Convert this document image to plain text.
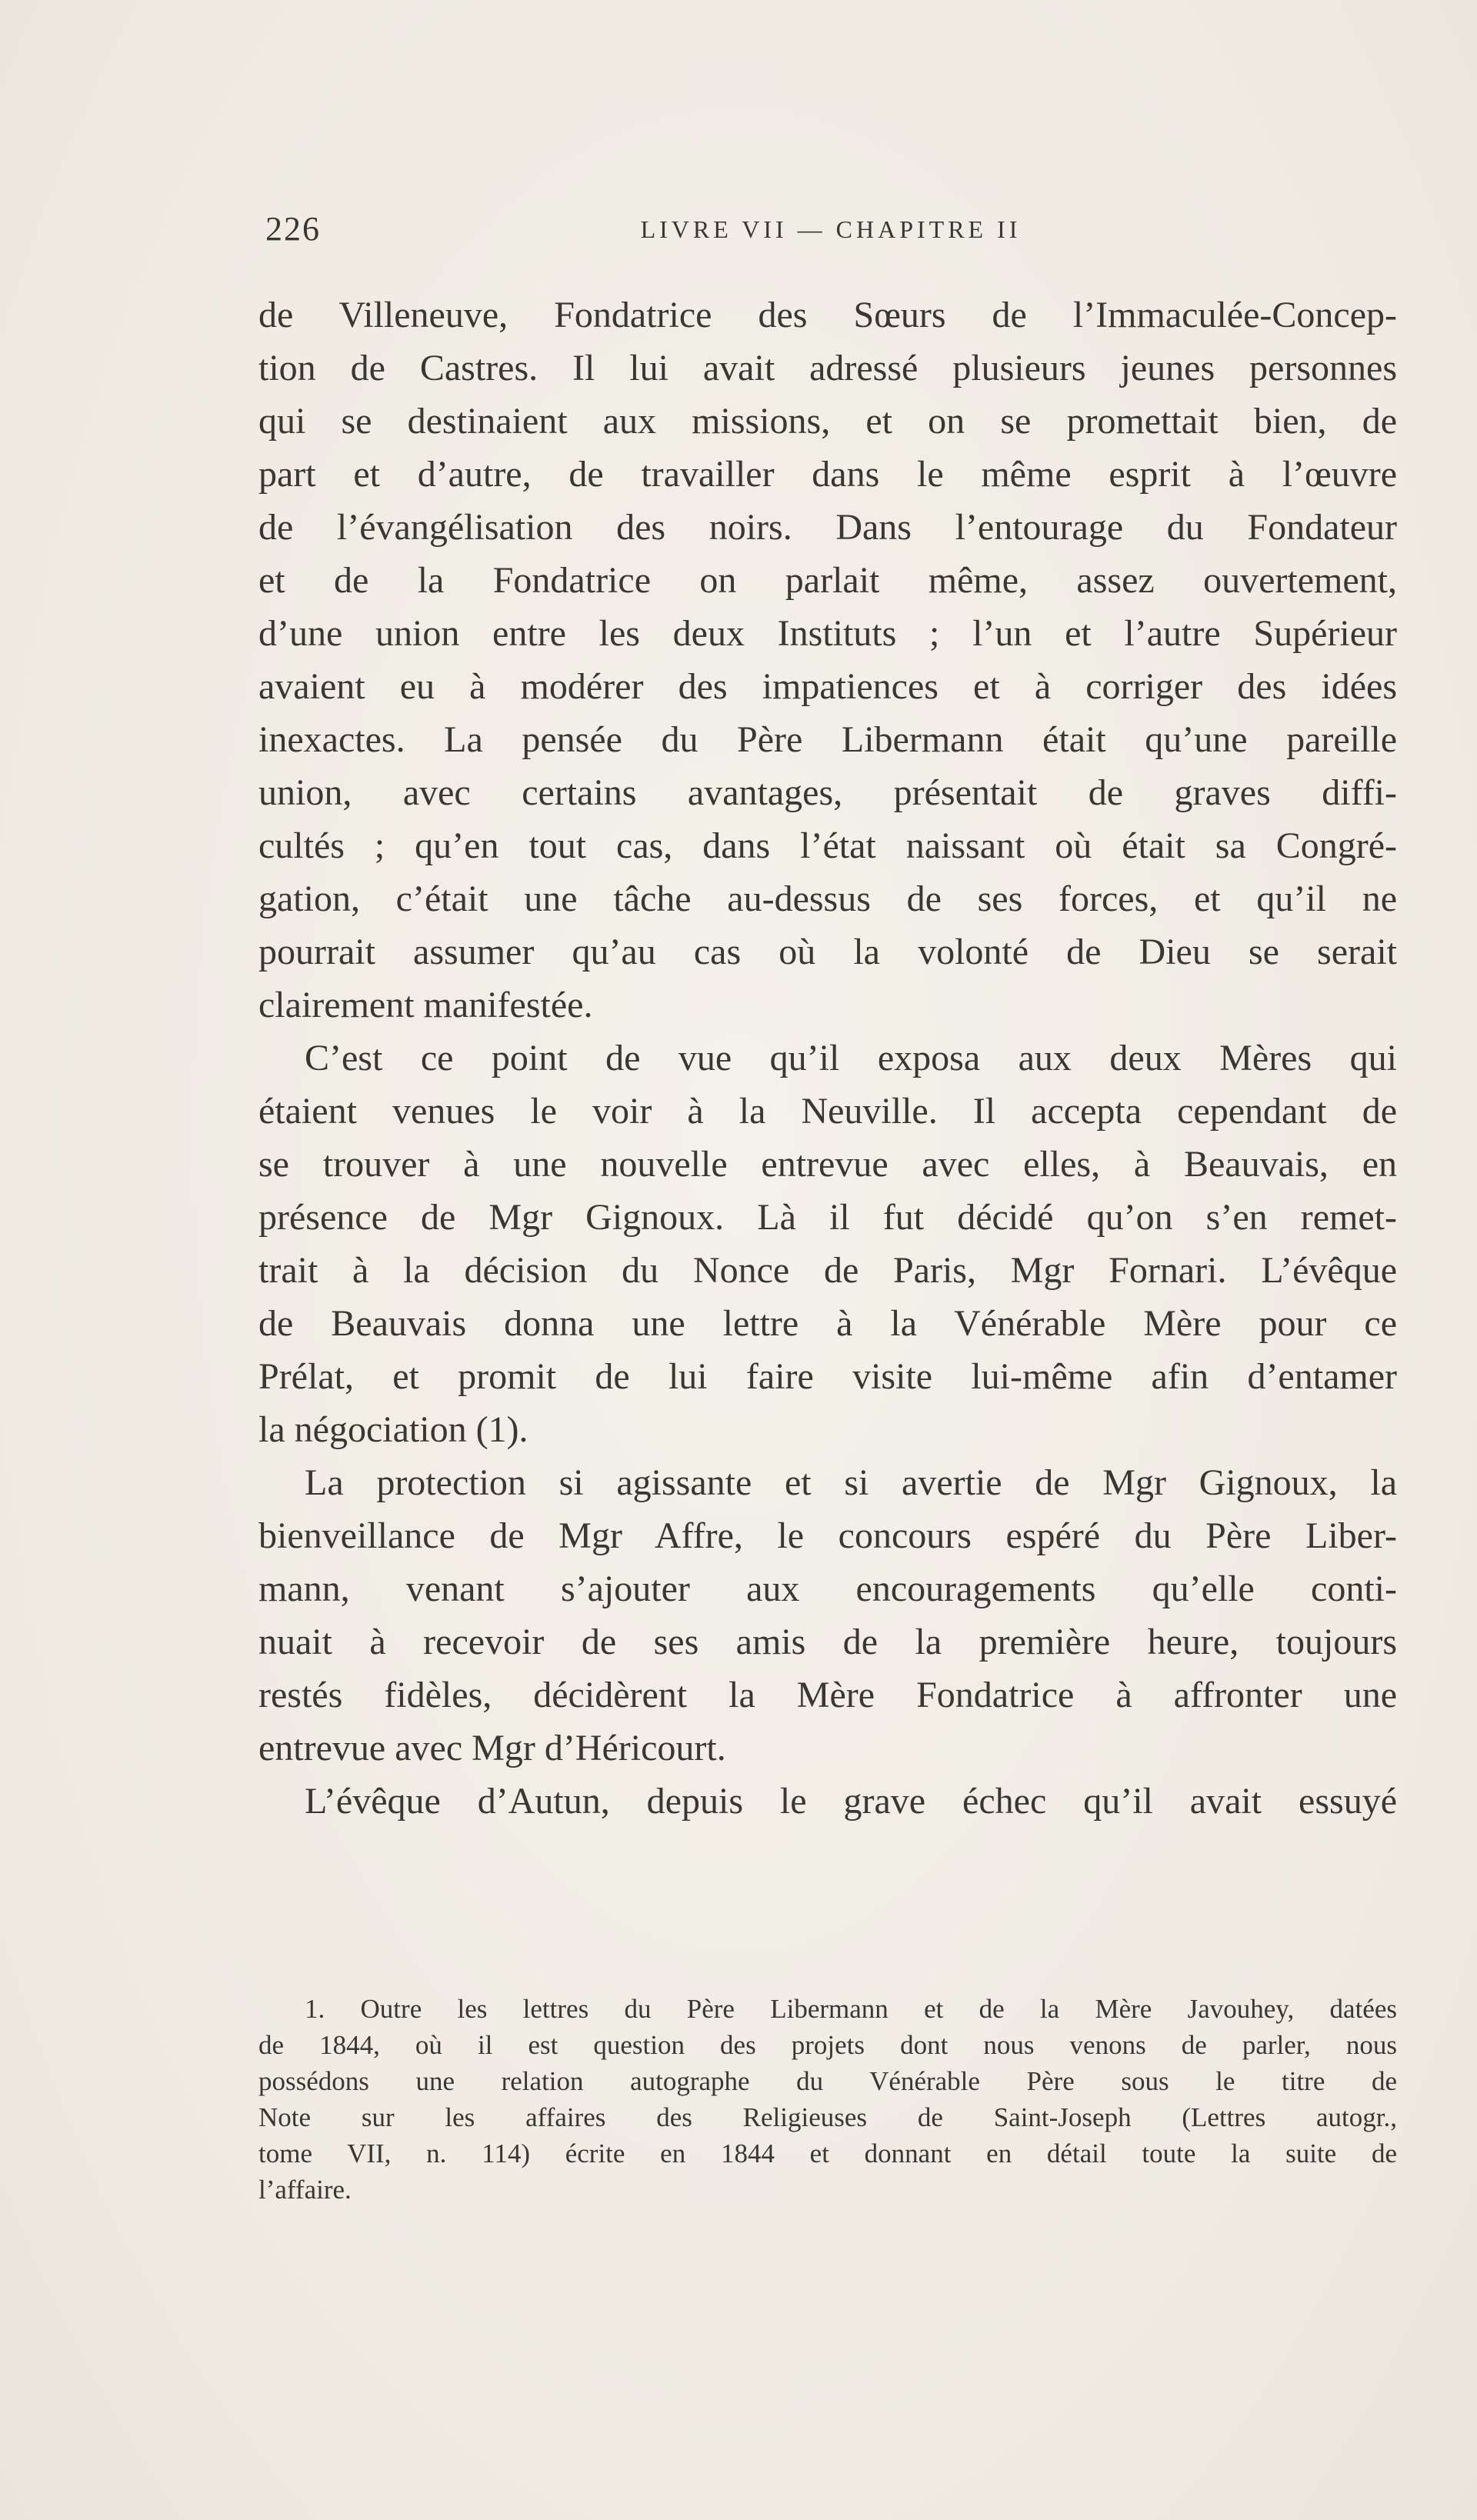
226	LIVRE VII — CHAPITRE II
de Villeneuve, Fondatrice des Sœurs de l’Immaculée-Concep-
tion de Castres. Il lui avait adressé plusieurs jeunes personnes
qui se destinaient aux missions, et on se promettait bien, de
part et d’autre, de travailler dans le même esprit à l’œuvre
de l’évangélisation des noirs. Dans l’entourage du Fondateur
et de la Fondatrice on parlait même, assez ouvertement,
d’une union entre les deux Instituts ; l’un et l’autre Supérieur
avaient eu à modérer des impatiences et à corriger des idées
inexactes. La pensée du Père Libermann était qu’une pareille
union, avec certains avantages, présentait de graves diffi-
cultés ; qu’en tout cas, dans l’état naissant où était sa Congré-
gation, c’était une tâche au-dessus de ses forces, et qu’il ne
pourrait assumer qu’au cas où la volonté de Dieu se serait
clairement manifestée.
C’est ce point de vue qu’il exposa aux deux Mères qui
étaient venues le voir à la Neuville. Il accepta cependant de
se trouver à une nouvelle entrevue avec elles, à Beauvais, en
présence de Mgr Gignoux. Là il fut décidé qu’on s’en remet-
trait à la décision du Nonce de Paris, Mgr Fornari. L’évêque
de Beauvais donna une lettre à la Vénérable Mère pour ce
Prélat, et promit de lui faire visite lui-même afin d’entamer
la négociation (1).
La protection si agissante et si avertie de Mgr Gignoux, la
bienveillance de Mgr Affre, le concours espéré du Père Liber-
mann, venant s’ajouter aux encouragements qu’elle conti-
nuait à recevoir de ses amis de la première heure, toujours
restés fidèles, décidèrent la Mère Fondatrice à affronter une
entrevue avec Mgr d’Héricourt.
L’évêque d’Autun, depuis le grave échec qu’il avait essuyé
1. Outre les lettres du Père Libermann et de la Mère Javouhey, datées
de 1844, où il est question des projets dont nous venons de parler, nous
possédons une relation autographe du Vénérable Père sous le titre de
Note sur les affaires des Religieuses de Saint-Joseph (Lettres autogr.,
tome VII, n. 114) écrite en 1844 et donnant en détail toute la suite de
l’affaire.
